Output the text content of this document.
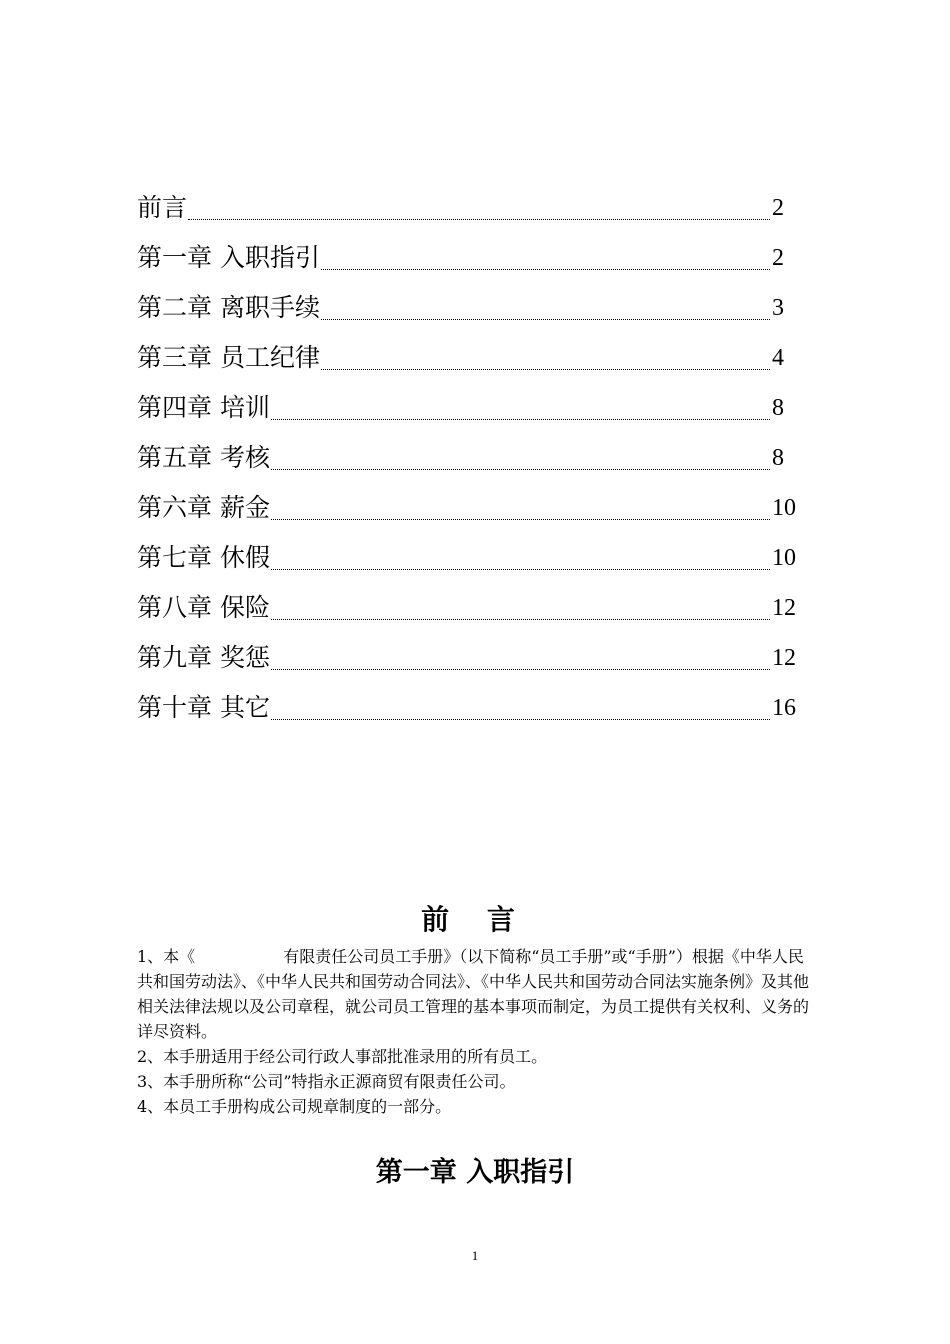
前言	2
第一章 入职指引	2
第二章 离职手续	3
第三章 员工纪律	4
第四章 培训	8
第五章 考核	8
第六章 薪金	10
第七章 休假	10
第八章 保险	12
第九章 奖惩	12
第十章 其它	16
前 言

1、本《	有限责任公司员工手册》（以下简称“员工手册”或“手册”）根据《中华人民共和国劳动法》、《中华人民共和国劳动合同法》、《中华人民共和国劳动合同法实施条例》及其他相关法律法规以及公司章程，就公司员工管理的基本事项而制定，为员工提供有关权利、义务的详尽资料。

2、本手册适用于经公司行政人事部批准录用的所有员工。

3、本手册所称“公司”特指永正源商贸有限责任公司。

4、本员工手册构成公司规章制度的一部分。

第一章 入职指引
1
